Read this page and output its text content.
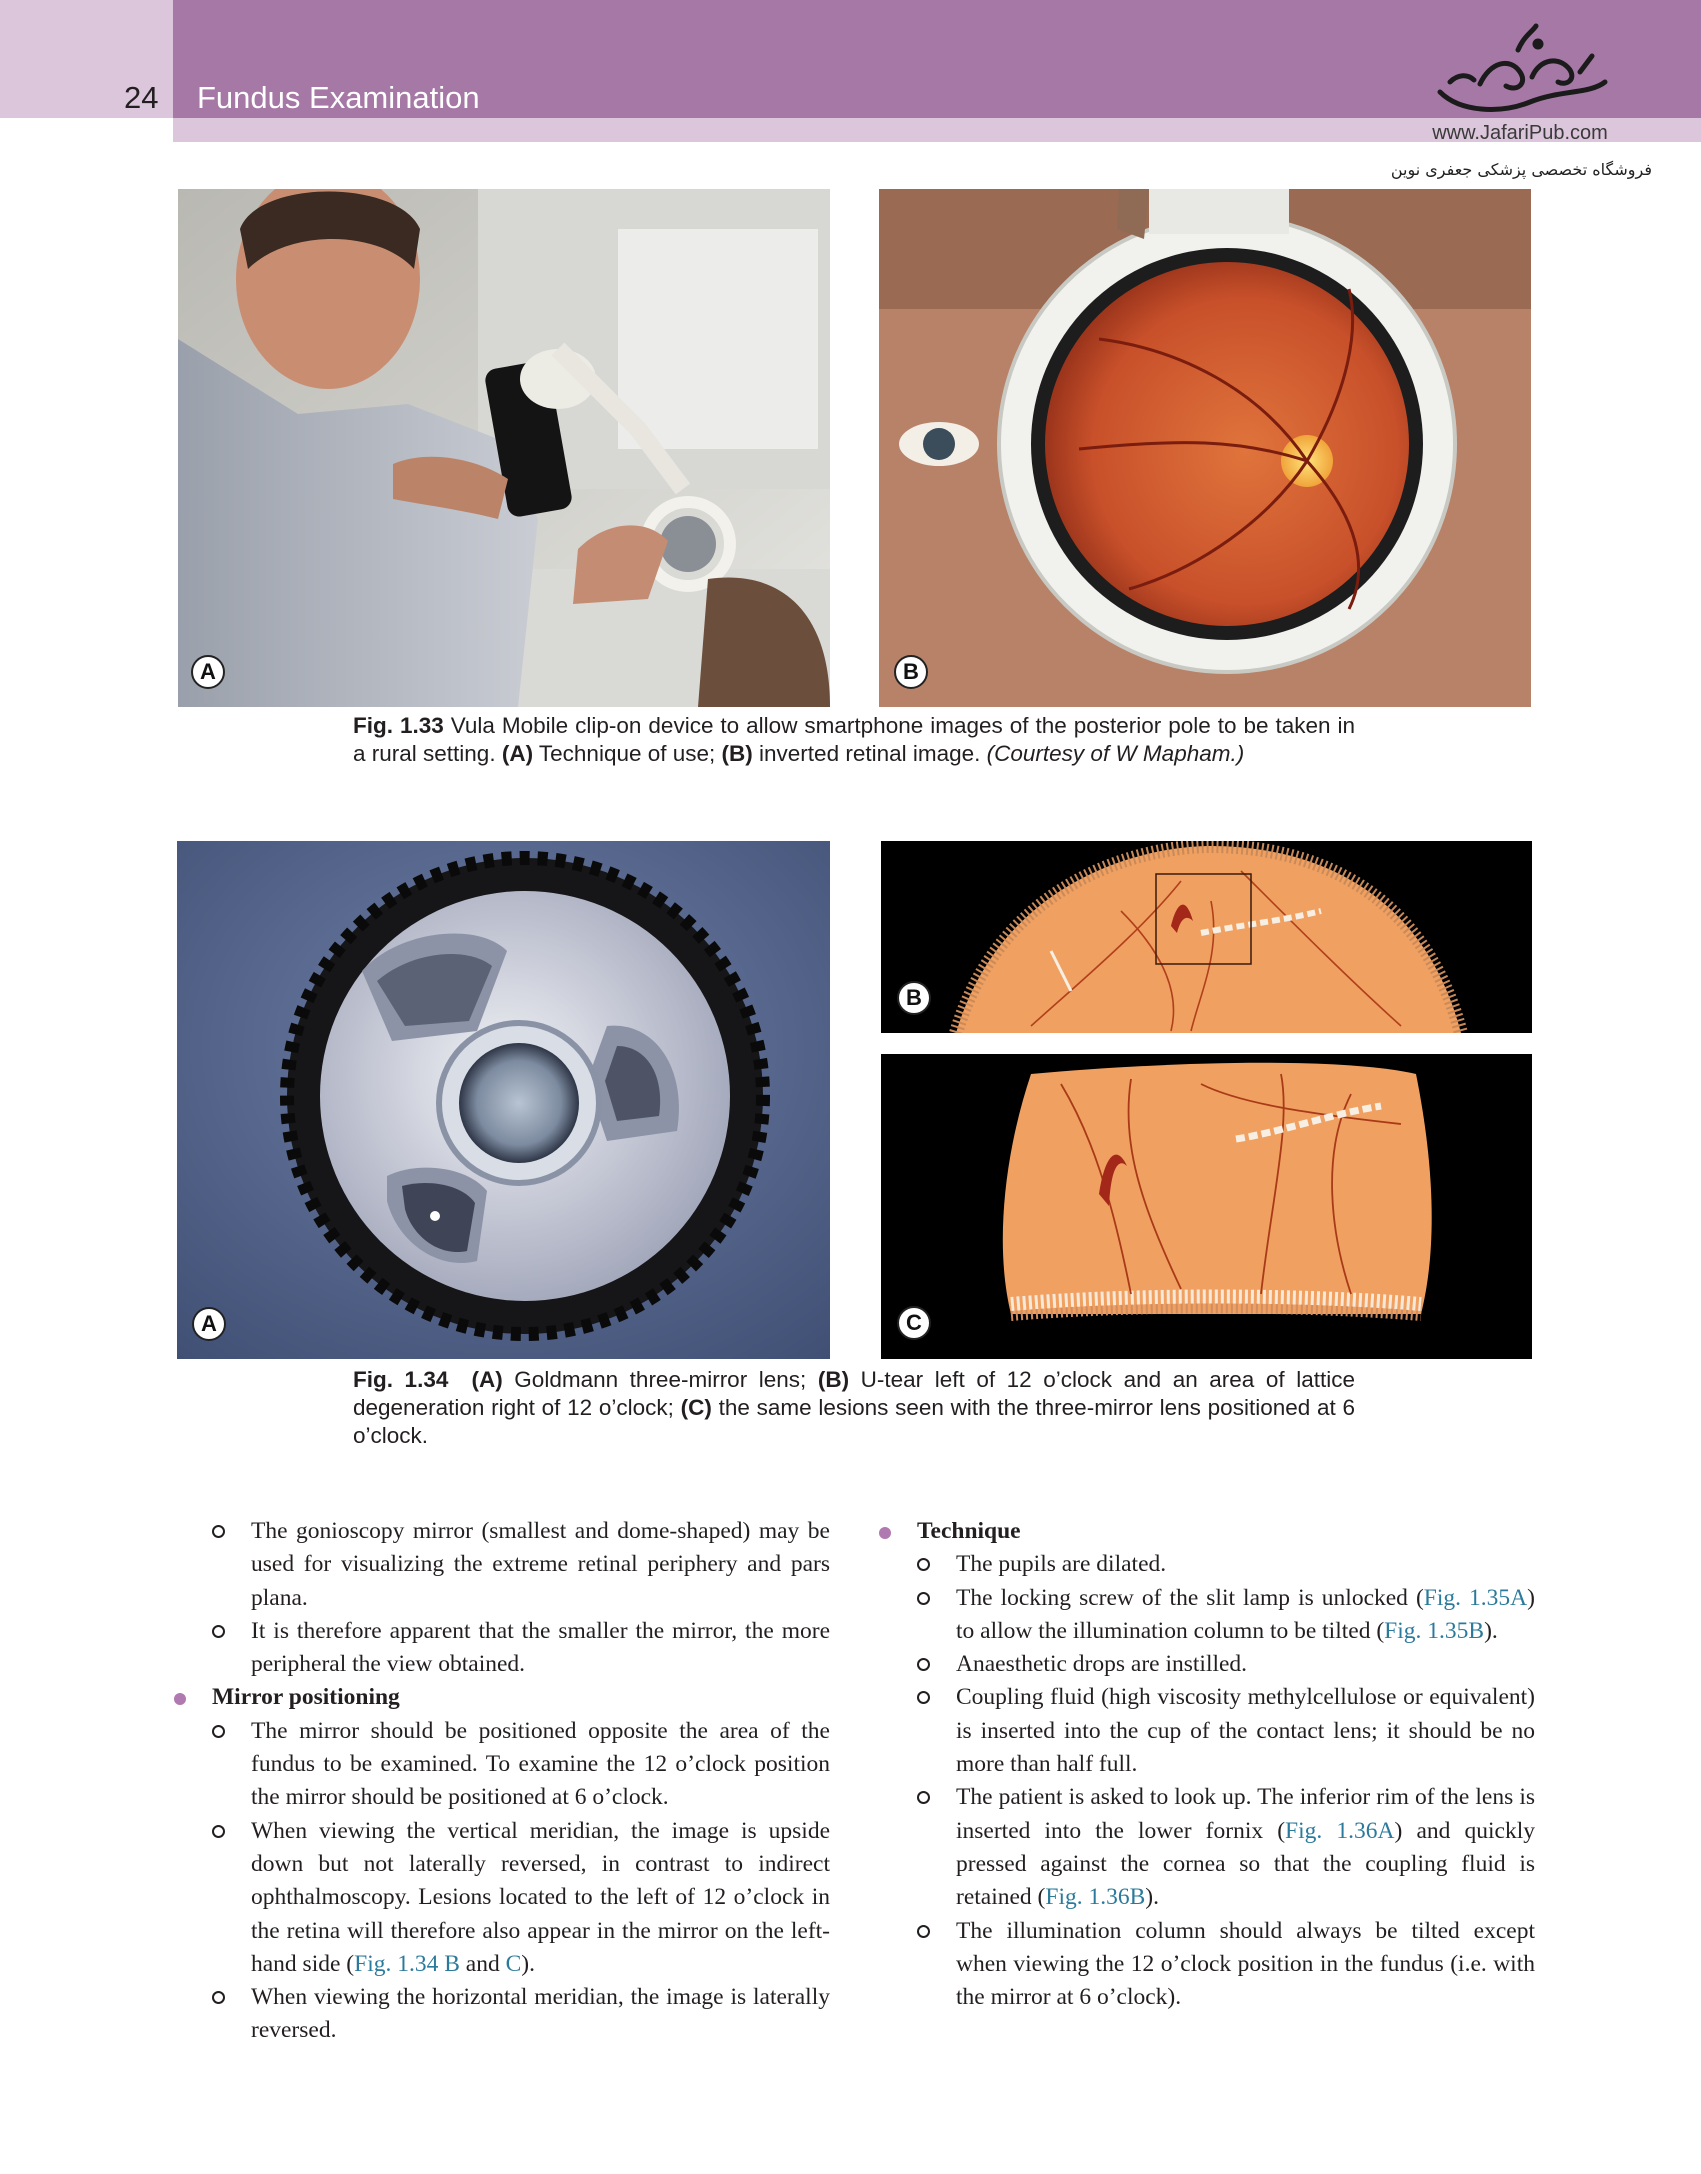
24 Fundus Examination
www.JafariPub.com
فروشگاه تخصصی پزشکی جعفری نوین
A	B
Fig. 1.33 Vula Mobile clip-on device to allow smartphone images of the posterior pole to be taken in a rural setting. (A) Technique of use; (B) inverted retinal image. (Courtesy of W Mapham.)
A
B
C
Fig. 1.34 (A) Goldmann three-mirror lens; (B) U-tear left of 12 o’clock and an area of lattice degeneration right of 12 o’clock; (C) the same lesions seen with the three-mirror lens positioned at 6 o’clock.
The gonioscopy mirror (smallest and dome-shaped) may be used for visualizing the extreme retinal periphery and pars plana.
It is therefore apparent that the smaller the mirror, the more peripheral the view obtained.
Mirror positioning
The mirror should be positioned opposite the area of the fundus to be examined. To examine the 12 o’clock position the mirror should be positioned at 6 o’clock.
When viewing the vertical meridian, the image is upside down but not laterally reversed, in contrast to indirect ophthalmoscopy. Lesions located to the left of 12 o’clock in the retina will therefore also appear in the mirror on the left-hand side (Fig. 1.34 B and C).
When viewing the horizontal meridian, the image is laterally reversed.
Technique
The pupils are dilated.
The locking screw of the slit lamp is unlocked (Fig. 1.35A) to allow the illumination column to be tilted (Fig. 1.35B).
Anaesthetic drops are instilled.
Coupling fluid (high viscosity methylcellulose or equivalent) is inserted into the cup of the contact lens; it should be no more than half full.
The patient is asked to look up. The inferior rim of the lens is inserted into the lower fornix (Fig. 1.36A) and quickly pressed against the cornea so that the coupling fluid is retained (Fig. 1.36B).
The illumination column should always be tilted except when viewing the 12 o’clock position in the fundus (i.e. with the mirror at 6 o’clock).
